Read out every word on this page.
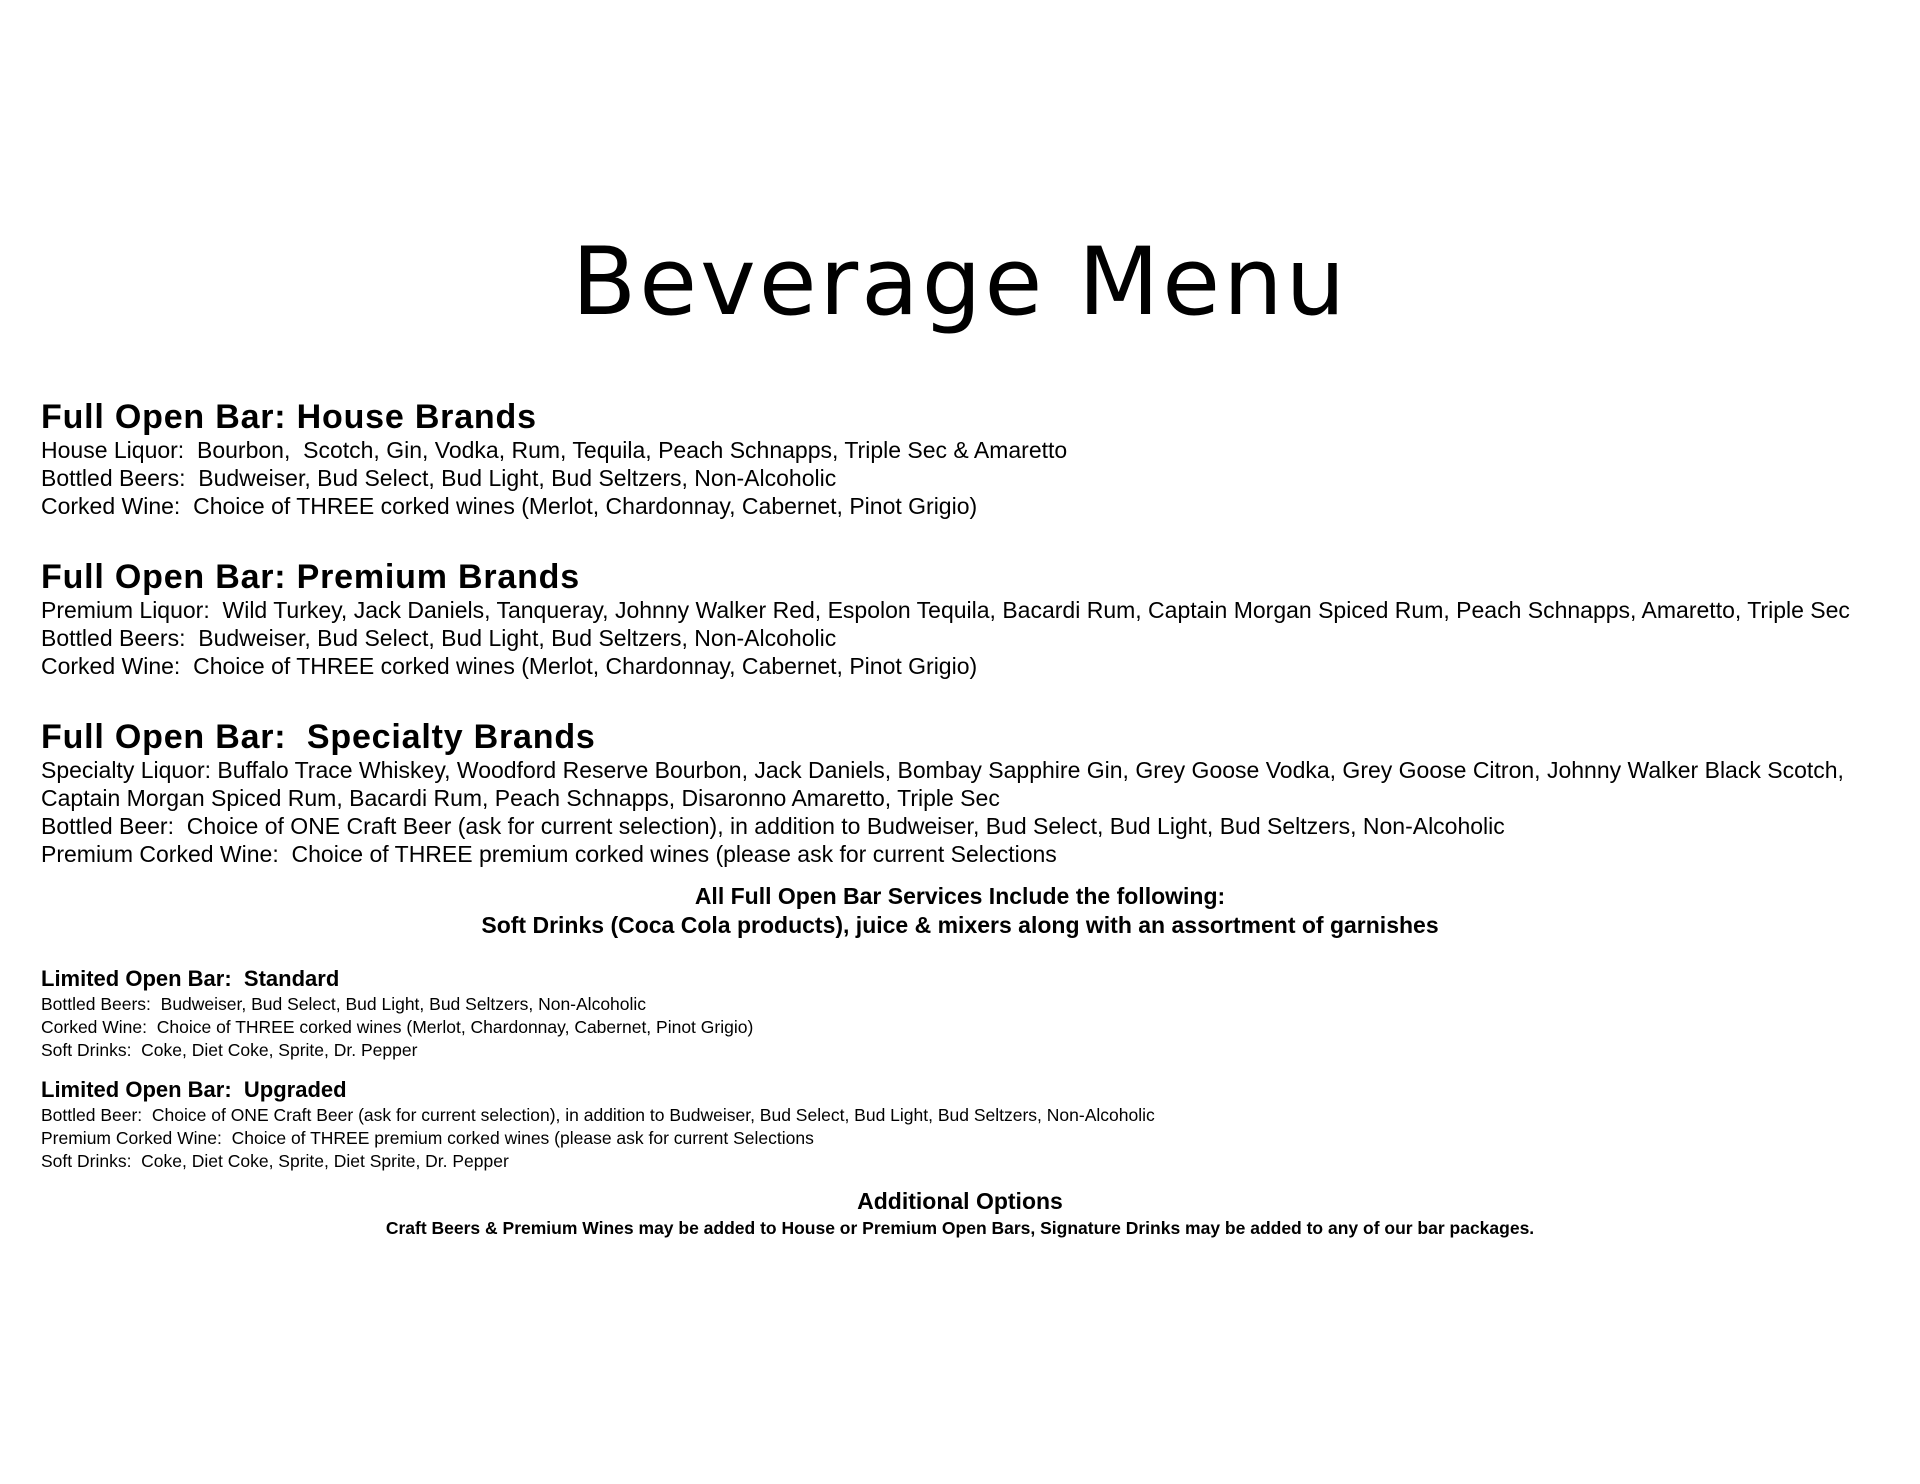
Beverage Menu
Full Open Bar: House Brands
House Liquor:  Bourbon,  Scotch, Gin, Vodka, Rum, Tequila, Peach Schnapps, Triple Sec & Amaretto
Bottled Beers:  Budweiser, Bud Select, Bud Light, Bud Seltzers, Non-Alcoholic
Corked Wine:  Choice of THREE corked wines (Merlot, Chardonnay, Cabernet, Pinot Grigio)
Full Open Bar: Premium Brands
Premium Liquor:  Wild Turkey, Jack Daniels, Tanqueray, Johnny Walker Red, Espolon Tequila, Bacardi Rum, Captain Morgan Spiced Rum, Peach Schnapps, Amaretto, Triple Sec
Bottled Beers:  Budweiser, Bud Select, Bud Light, Bud Seltzers, Non-Alcoholic
Corked Wine:  Choice of THREE corked wines (Merlot, Chardonnay, Cabernet, Pinot Grigio)
Full Open Bar:  Specialty Brands
Specialty Liquor: Buffalo Trace Whiskey, Woodford Reserve Bourbon, Jack Daniels, Bombay Sapphire Gin, Grey Goose Vodka, Grey Goose Citron, Johnny Walker Black Scotch, Captain Morgan Spiced Rum, Bacardi Rum, Peach Schnapps, Disaronno Amaretto, Triple Sec
Bottled Beer:  Choice of ONE Craft Beer (ask for current selection), in addition to Budweiser, Bud Select, Bud Light, Bud Seltzers, Non-Alcoholic
Premium Corked Wine:  Choice of THREE premium corked wines (please ask for current Selections
All Full Open Bar Services Include the following:
Soft Drinks (Coca Cola products), juice & mixers along with an assortment of garnishes
Limited Open Bar:  Standard
Bottled Beers:  Budweiser, Bud Select, Bud Light, Bud Seltzers, Non-Alcoholic
Corked Wine:  Choice of THREE corked wines (Merlot, Chardonnay, Cabernet, Pinot Grigio)
Soft Drinks:  Coke, Diet Coke, Sprite, Dr. Pepper
Limited Open Bar:  Upgraded
Bottled Beer:  Choice of ONE Craft Beer (ask for current selection), in addition to Budweiser, Bud Select, Bud Light, Bud Seltzers, Non-Alcoholic
Premium Corked Wine:  Choice of THREE premium corked wines (please ask for current Selections
Soft Drinks:  Coke, Diet Coke, Sprite, Diet Sprite, Dr. Pepper
Additional Options
Craft Beers & Premium Wines may be added to House or Premium Open Bars, Signature Drinks may be added to any of our bar packages.
